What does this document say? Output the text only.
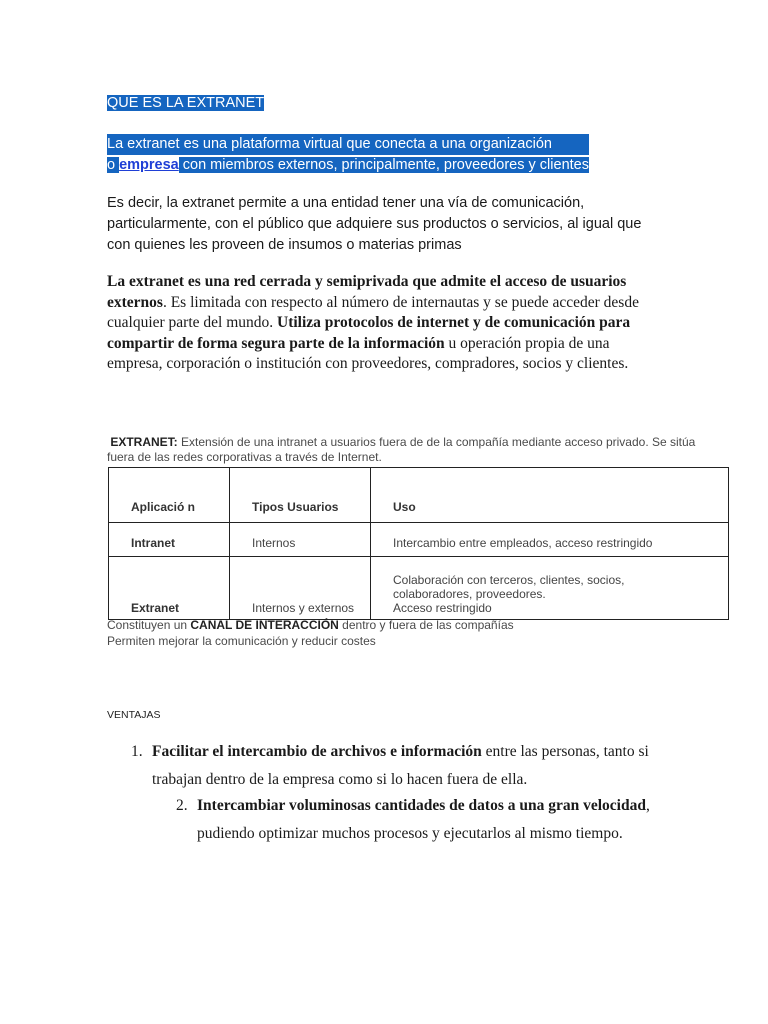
QUE ES LA EXTRANET
La extranet es una plataforma virtual que conecta a una organización
o empresa con miembros externos, principalmente, proveedores y clientes
Es decir, la extranet permite a una entidad tener una vía de comunicación, particularmente, con el público que adquiere sus productos o servicios, al igual que con quienes les proveen de insumos o materias primas
La extranet es una red cerrada y semiprivada que admite el acceso de usuarios externos. Es limitada con respecto al número de internautas y se puede acceder desde cualquier parte del mundo. Utiliza protocolos de internet y de comunicación para compartir de forma segura parte de la información u operación propia de una empresa, corporación o institución con proveedores, compradores, socios y clientes.
EXTRANET: Extensión de una intranet a usuarios fuera de de la compañía mediante acceso privado. Se sitúa fuera de las redes corporativas a través de Internet.
Aplicació n	Tipos Usuarios	Uso
Intranet	Internos	Intercambio entre empleados, acceso restringido
Extranet	Internos y externos	Colaboración con terceros, clientes, socios,
colaboradores, proveedores.
Acceso restringido
Constituyen un CANAL DE INTERACCIÓN dentro y fuera de las compañías
Permiten mejorar la comunicación y reducir costes
VENTAJAS
1. Facilitar el intercambio de archivos e información entre las personas, tanto si trabajan dentro de la empresa como si lo hacen fuera de ella.
2. Intercambiar voluminosas cantidades de datos a una gran velocidad, pudiendo optimizar muchos procesos y ejecutarlos al mismo tiempo.
